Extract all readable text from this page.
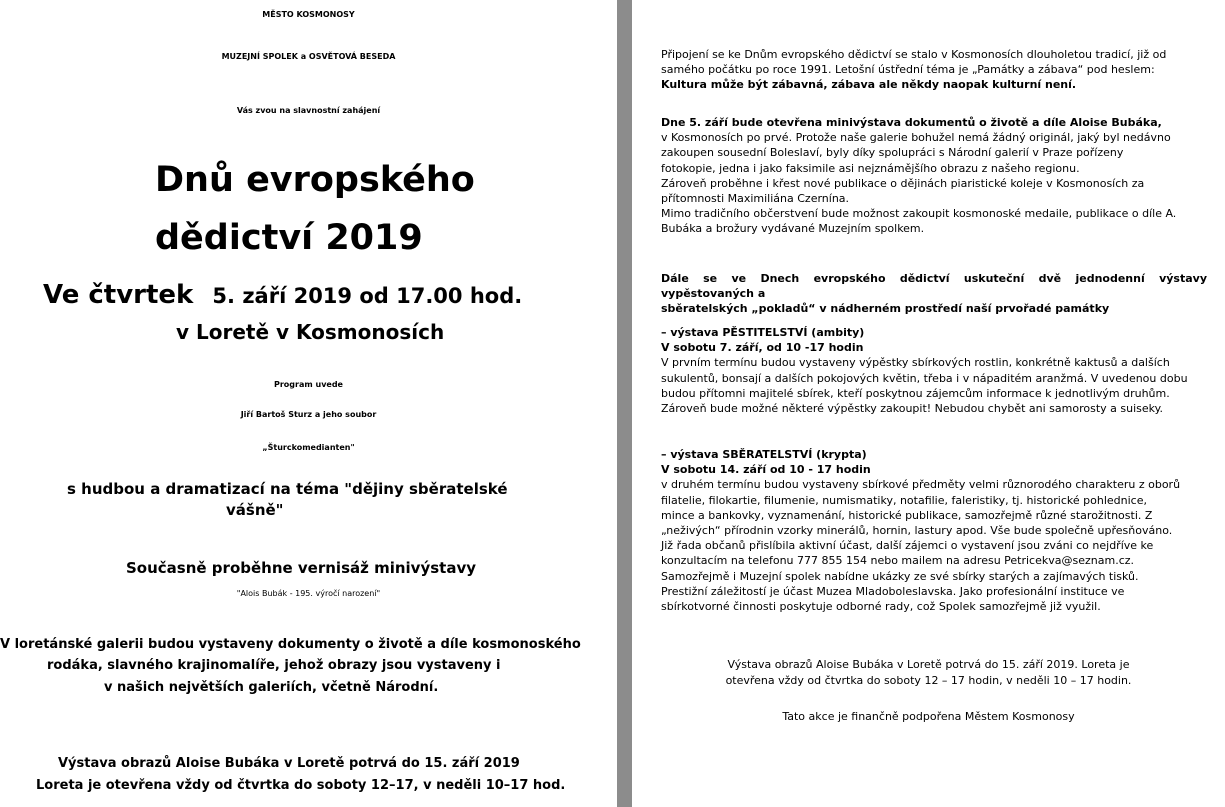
MĚSTO KOSMONOSY
MUZEJNÍ SPOLEK a OSVĚTOVÁ BESEDA
Vás zvou na slavnostní zahájení
Dnů evropského
dědictví 2019
Ve čtvrtek 5. září 2019 od 17.00 hod.
v Loretě v Kosmonosích
Program uvede
Jiří Bartoš Sturz a jeho soubor
„Šturckomedianten"
s hudbou a dramatizací na téma "dějiny sběratelské
vášně"
Současně proběhne vernisáž minivýstavy
"Alois Bubák - 195. výročí narození"
V loretánské galerii budou vystaveny dokumenty o životě a díle kosmonoského
rodáka, slavného krajinomalíře, jehož obrazy jsou vystaveny i
v našich největších galeriích, včetně Národní.
Výstava obrazů Aloise Bubáka v Loretě potrvá do 15. září 2019
Loreta je otevřena vždy od čtvrtka do soboty 12–17, v neděli 10–17 hod.
Připojení se ke Dnům evropského dědictví se stalo v Kosmonosích dlouholetou tradicí, již od
samého počátku po roce 1991. Letošní ústřední téma je „Památky a zábava“ pod heslem:
Kultura může být zábavná, zábava ale někdy naopak kulturní není.
Dne 5. září bude otevřena minivýstava dokumentů o životě a díle Aloise Bubáka,
v Kosmonosích po prvé. Protože naše galerie bohužel nemá žádný originál, jaký byl nedávno
zakoupen sousední Boleslaví, byly díky spolupráci s Národní galerií v Praze pořízeny
fotokopie, jedna i jako faksimile asi nejznámějšího obrazu z našeho regionu.
Zároveň proběhne i křest nové publikace o dějinách piaristické koleje v Kosmonosích za
přítomnosti Maximiliána Czernína.
Mimo tradičního občerstvení bude možnost zakoupit kosmonoské medaile, publikace o díle A.
Bubáka a brožury vydávané Muzejním spolkem.
Dále se ve Dnech evropského dědictví uskuteční dvě jednodenní výstavy vypěstovaných a
sběratelských „pokladů“ v nádherném prostředí naší prvořadé památky
– výstava PĚSTITELSTVÍ (ambity)
V sobotu 7. září, od 10 -17 hodin
V prvním termínu budou vystaveny výpěstky sbírkových rostlin, konkrétně kaktusů a dalších
sukulentů, bonsají a dalších pokojových květin, třeba i v nápaditém aranžmá. V uvedenou dobu
budou přítomni majitelé sbírek, kteří poskytnou zájemcům informace k jednotlivým druhům.
Zároveň bude možné některé výpěstky zakoupit! Nebudou chybět ani samorosty a suiseky.
– výstava SBĚRATELSTVÍ (krypta)
V sobotu 14. září od 10 - 17 hodin
v druhém termínu budou vystaveny sbírkové předměty velmi různorodého charakteru z oborů
filatelie, filokartie, filumenie, numismatiky, notafilie, faleristiky, tj. historické pohlednice,
mince a bankovky, vyznamenání, historické publikace, samozřejmě různé starožitnosti. Z
„neživých“ přírodnin vzorky minerálů, hornin, lastury apod. Vše bude společně upřesňováno.
Již řada občanů přislíbila aktivní účast, další zájemci o vystavení jsou zváni co nejdříve ke
konzultacím na telefonu 777 855 154 nebo mailem na adresu Petricekva@seznam.cz.
Samozřejmě i Muzejní spolek nabídne ukázky ze své sbírky starých a zajímavých tisků.
Prestižní záležitostí je účast Muzea Mladoboleslavska. Jako profesionální instituce ve
sbírkotvorné činnosti poskytuje odborné rady, což Spolek samozřejmě již využil.
Výstava obrazů Aloise Bubáka v Loretě potrvá do 15. září 2019. Loreta je
otevřena vždy od čtvrtka do soboty 12 – 17 hodin, v neděli 10 – 17 hodin.
Tato akce je finančně podpořena Městem Kosmonosy
